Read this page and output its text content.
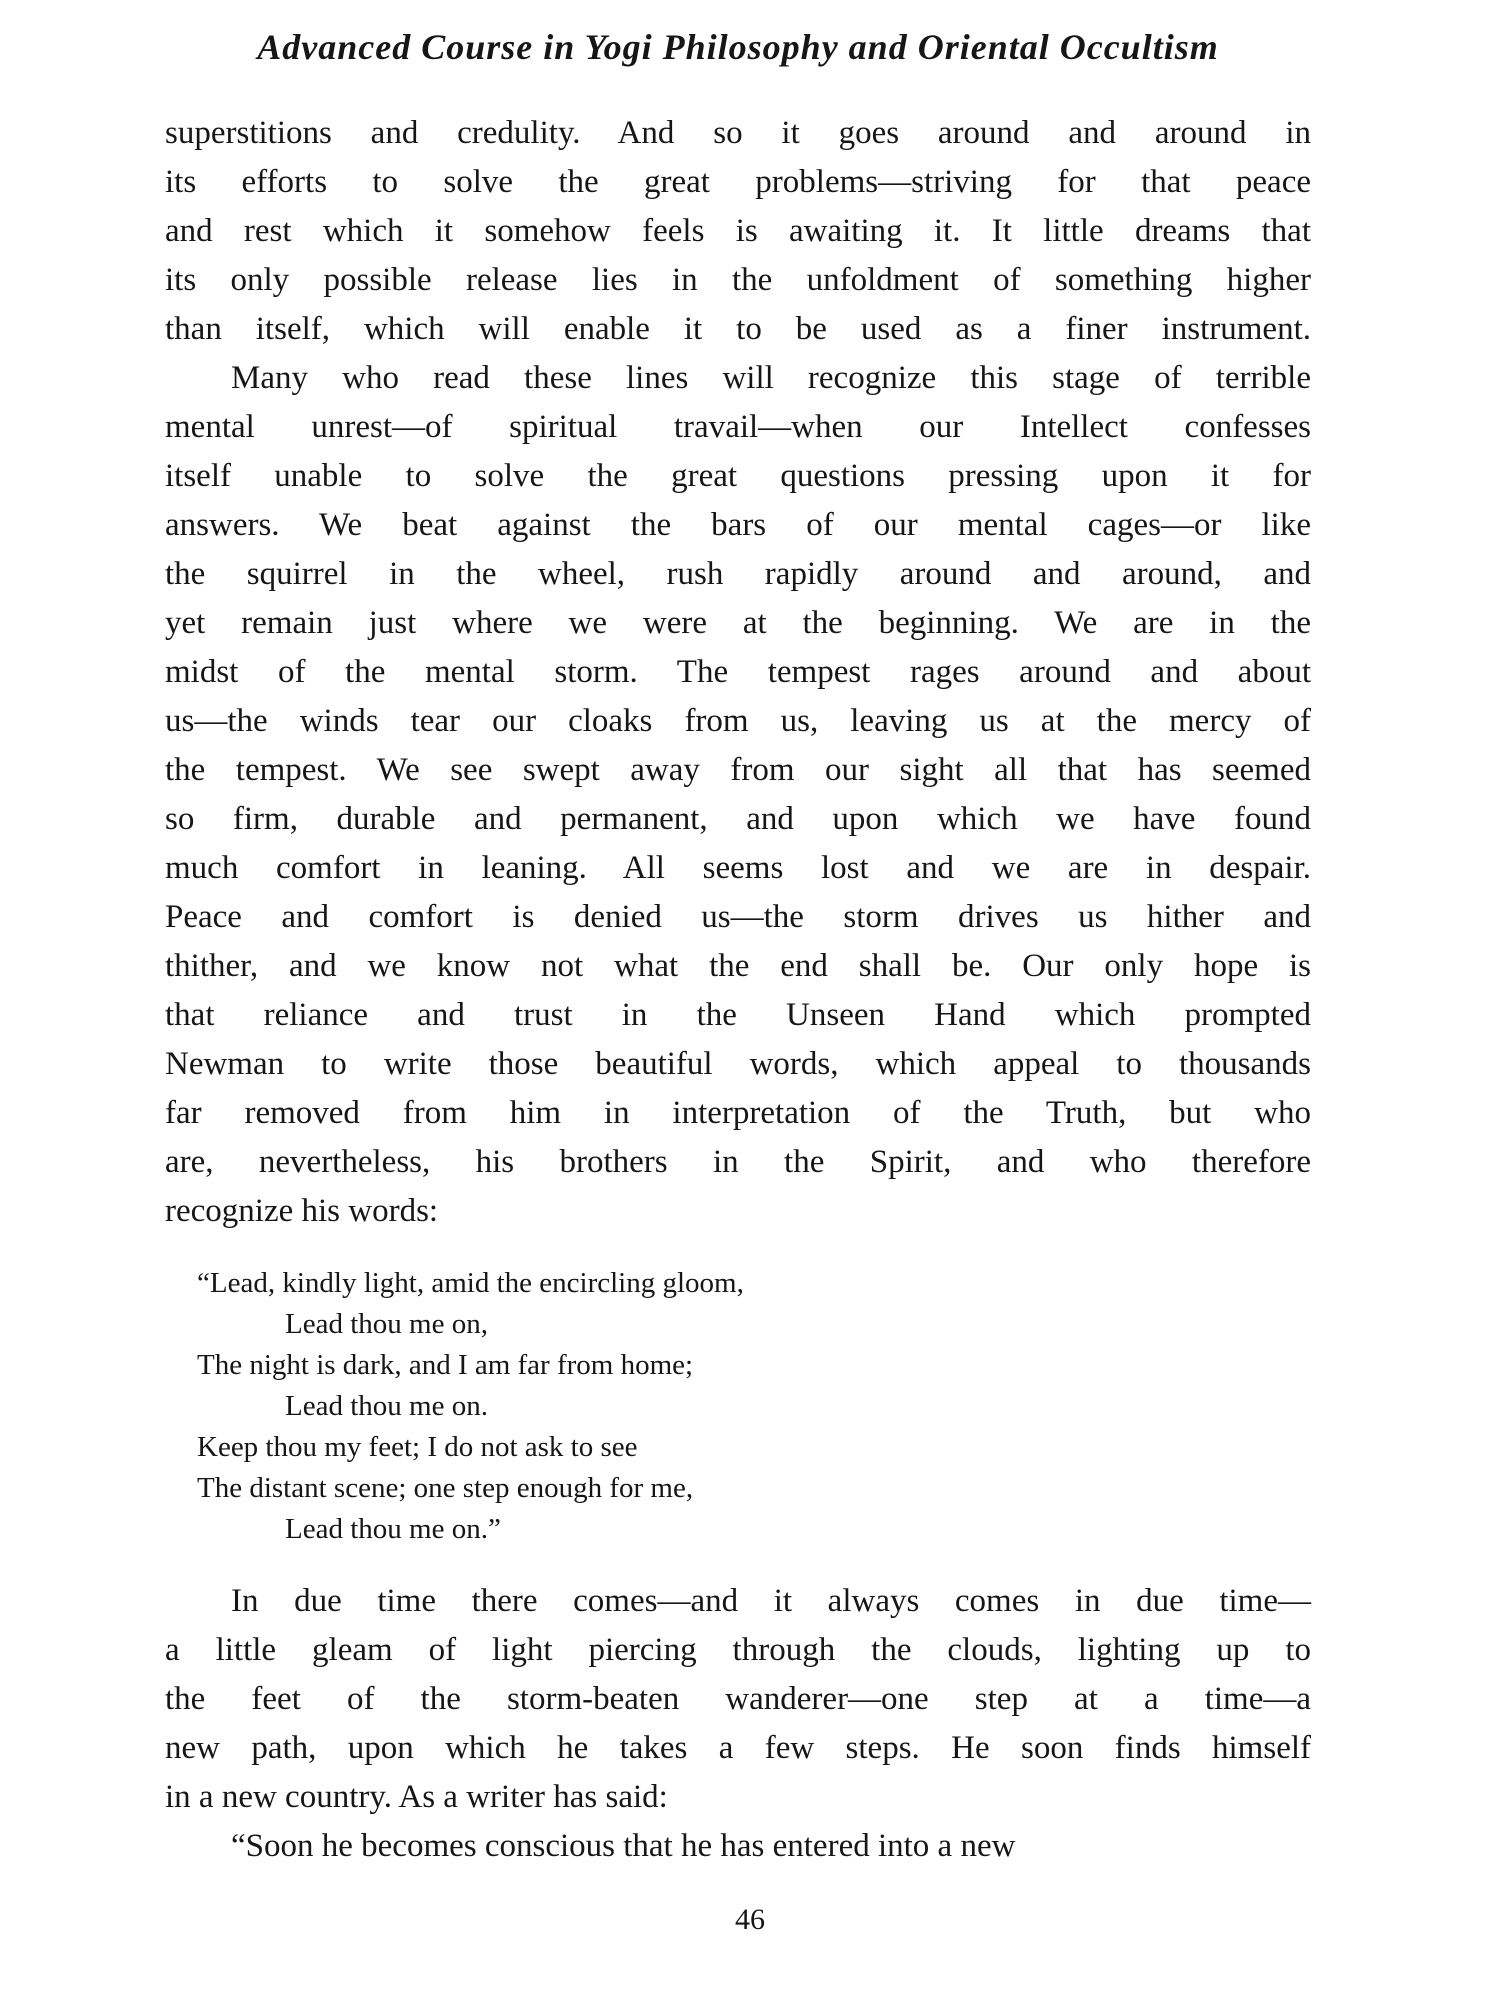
Advanced Course in Yogi Philosophy and Oriental Occultism
superstitions and credulity. And so it goes around and around in
its efforts to solve the great problems—striving for that peace
and rest which it somehow feels is awaiting it. It little dreams that
its only possible release lies in the unfoldment of something higher
than itself, which will enable it to be used as a finer instrument.
Many who read these lines will recognize this stage of terrible
mental unrest—of spiritual travail—when our Intellect confesses
itself unable to solve the great questions pressing upon it for
answers. We beat against the bars of our mental cages—or like
the squirrel in the wheel, rush rapidly around and around, and
yet remain just where we were at the beginning. We are in the
midst of the mental storm. The tempest rages around and about
us—the winds tear our cloaks from us, leaving us at the mercy of
the tempest. We see swept away from our sight all that has seemed
so firm, durable and permanent, and upon which we have found
much comfort in leaning. All seems lost and we are in despair.
Peace and comfort is denied us—the storm drives us hither and
thither, and we know not what the end shall be. Our only hope is
that reliance and trust in the Unseen Hand which prompted
Newman to write those beautiful words, which appeal to thousands
far removed from him in interpretation of the Truth, but who
are, nevertheless, his brothers in the Spirit, and who therefore
recognize his words:
“Lead, kindly light, amid the encircling gloom,
Lead thou me on,
The night is dark, and I am far from home;
Lead thou me on.
Keep thou my feet; I do not ask to see
The distant scene; one step enough for me,
Lead thou me on.”
In due time there comes—and it always comes in due time—
a little gleam of light piercing through the clouds, lighting up to
the feet of the storm-beaten wanderer—one step at a time—a
new path, upon which he takes a few steps. He soon finds himself
in a new country. As a writer has said:
“Soon he becomes conscious that he has entered into a new
46
